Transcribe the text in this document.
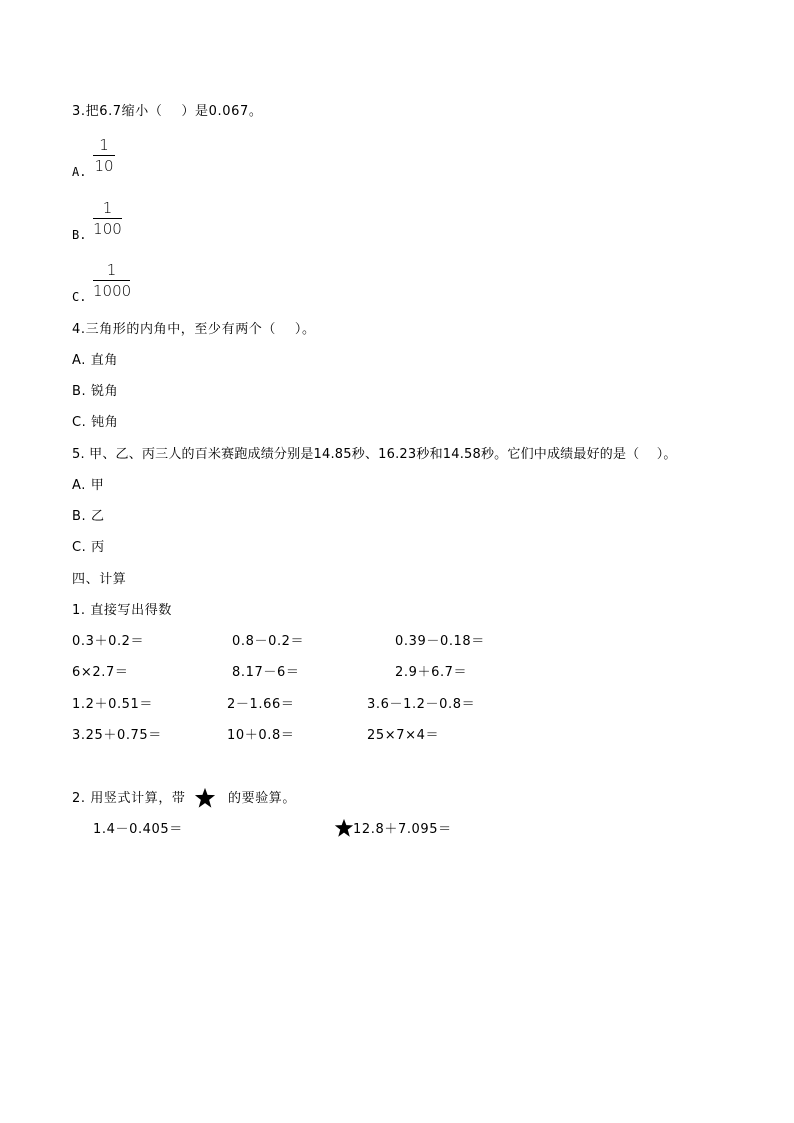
3.把6.7缩小（    ）是0.067。
A.
1
10
B.
1
100
C.
1
1000
4.三角形的内角中，至少有两个（    ）。
A. 直角
B. 锐角
C. 钝角
5. 甲、乙、丙三人的百米赛跑成绩分别是14.85秒、16.23秒和14.58秒。它们中成绩最好的是（    ）。
A. 甲
B. 乙
C. 丙
四、计算
1. 直接写出得数
0.3＋0.2＝	0.8－0.2＝	0.39－0.18＝
6×2.7＝	8.17－6＝	2.9＋6.7＝
1.2＋0.51＝	2－1.66＝	3.6－1.2－0.8＝
3.25＋0.75＝	10＋0.8＝	25×7×4＝
2. 用竖式计算，带	的要验算。
1.4－0.405＝	12.8＋7.095＝
